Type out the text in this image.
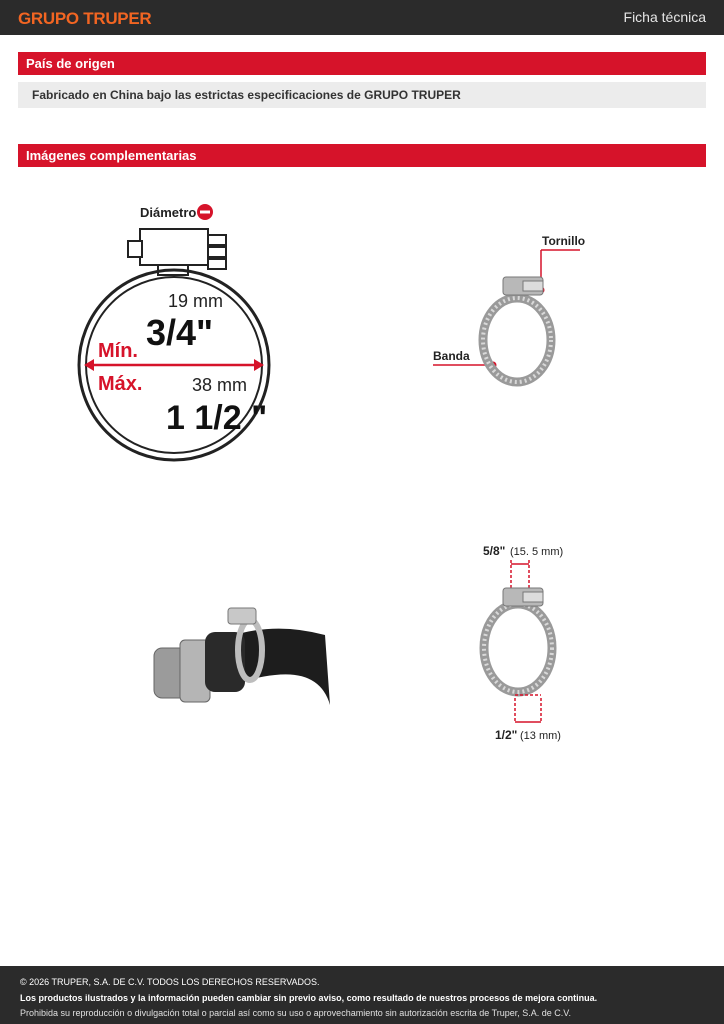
GRUPO TRUPER	Ficha técnica
País de origen
Fabricado en China bajo las estrictas especificaciones de GRUPO TRUPER
Imágenes complementarias
Diámetro
19 mm
3/4"
Mín.
Máx.	38 mm
1 1/2 "
Tornillo
Banda
5/8" (15. 5 mm)
1/2" (13 mm)
© 2026 TRUPER, S.A. DE C.V. TODOS LOS DERECHOS RESERVADOS.
Los productos ilustrados y la información pueden cambiar sin previo aviso, como resultado de nuestros procesos de mejora continua.
Prohibida su reproducción o divulgación total o parcial así como su uso o aprovechamiento sin autorización escrita de Truper, S.A. de C.V.
